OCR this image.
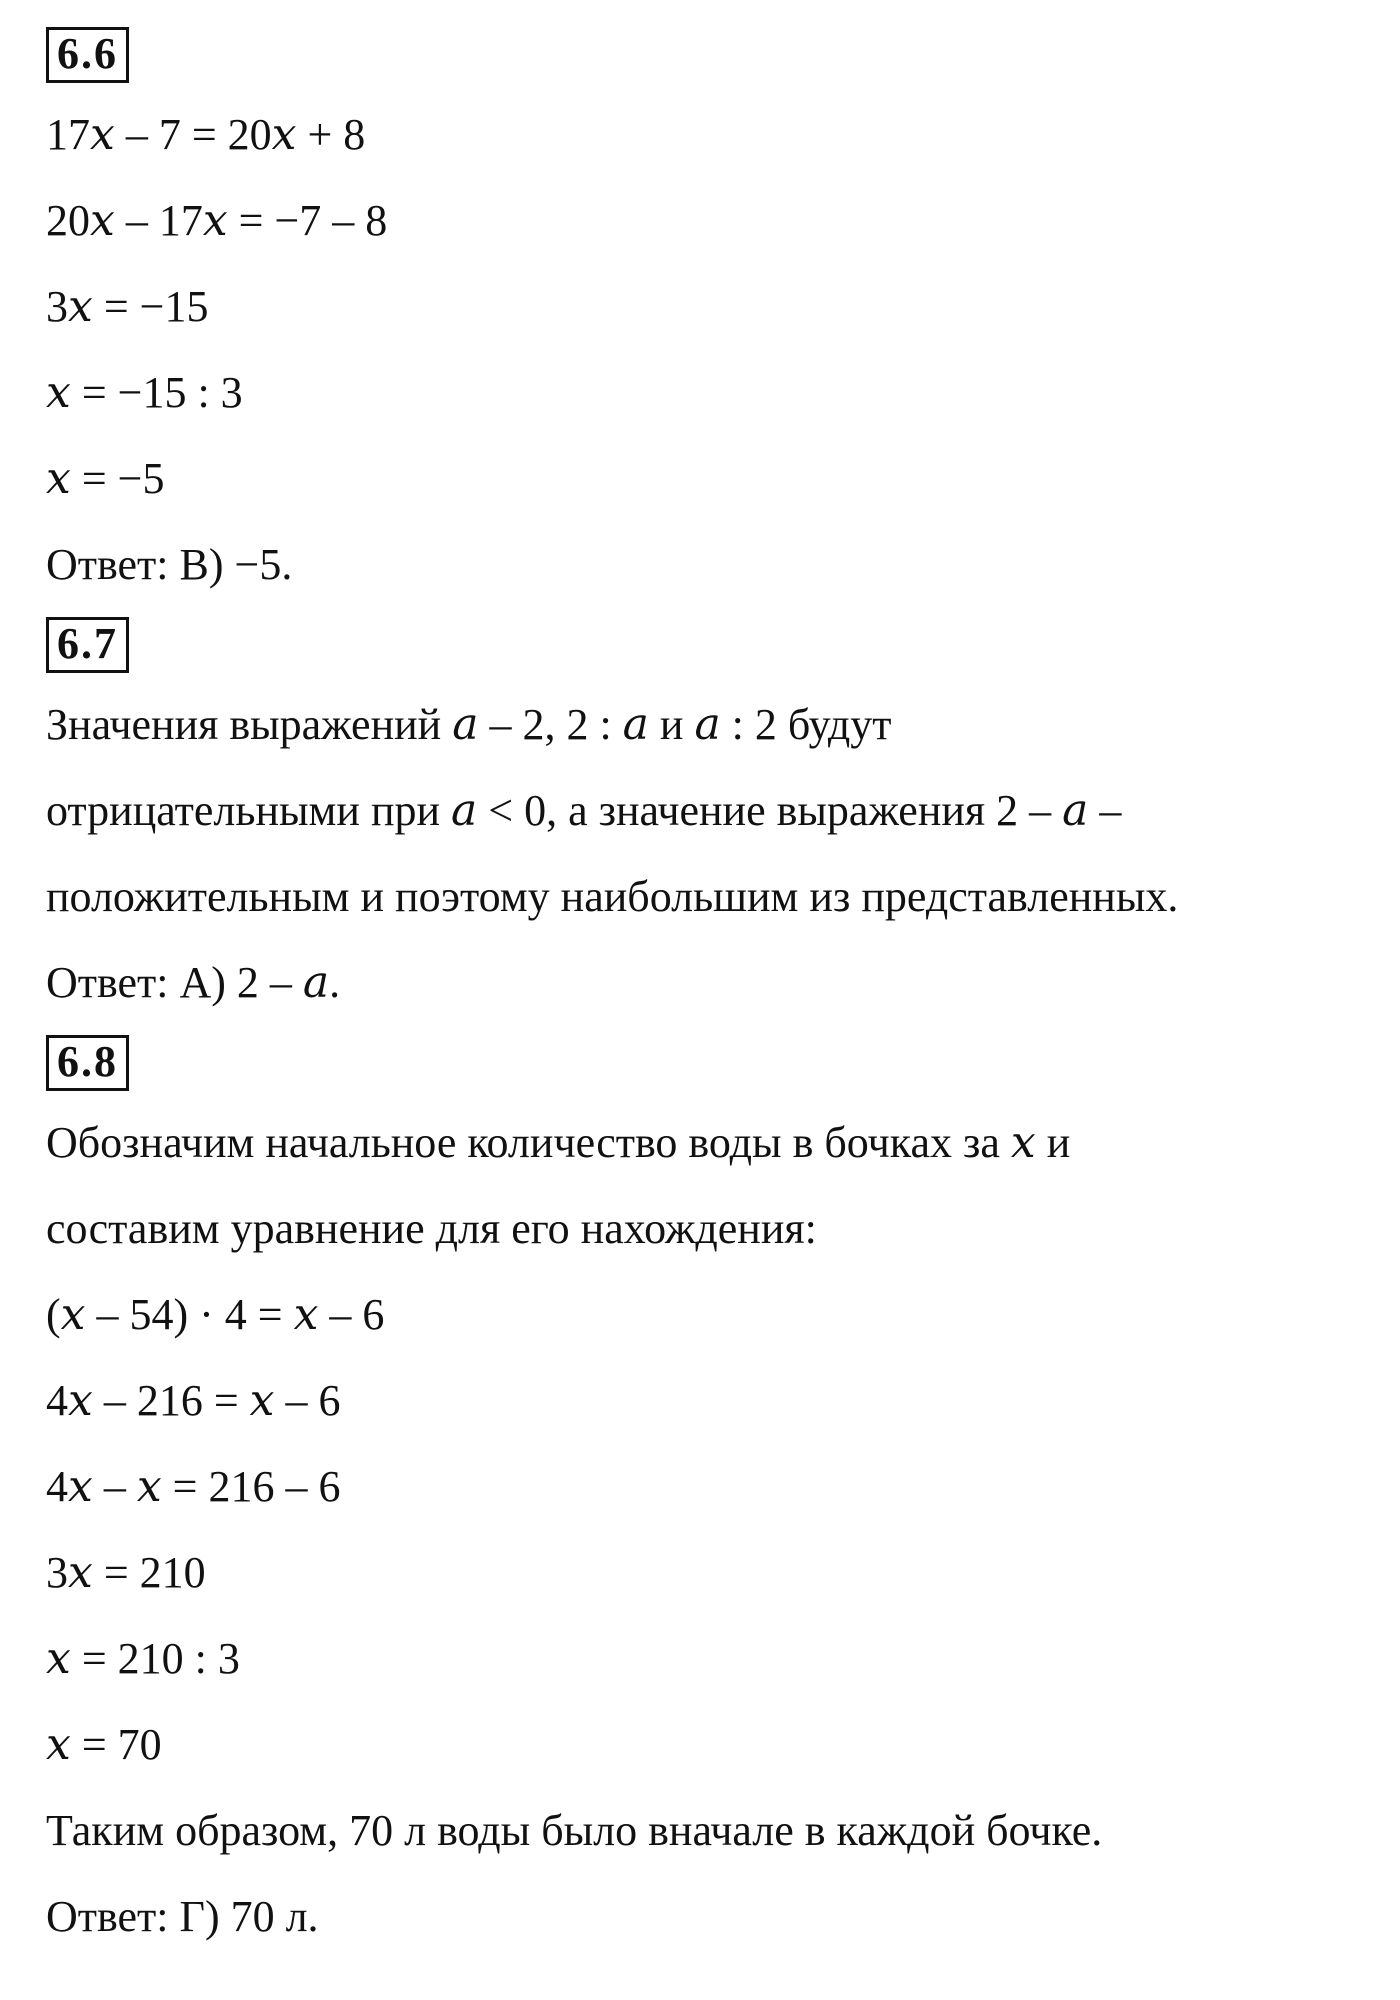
6.6
17𝑥 – 7 = 20𝑥 + 8
20𝑥 – 17𝑥 = −7 – 8
3𝑥 = −15
𝑥 = −15 : 3
𝑥 = −5
Ответ: В) −5.
6.7
Значения выражений 𝑎 – 2, 2 : 𝑎 и 𝑎 : 2 будут
отрицательными при 𝑎 < 0, а значение выражения 2 – 𝑎 –
положительным и поэтому наибольшим из представленных.
Ответ: А) 2 – 𝑎.
6.8
Обозначим начальное количество воды в бочках за 𝑥 и
составим уравнение для его нахождения:
(𝑥 – 54) · 4 = 𝑥 – 6
4𝑥 – 216 = 𝑥 – 6
4𝑥 – 𝑥 = 216 – 6
3𝑥 = 210
𝑥 = 210 : 3
𝑥 = 70
Таким образом, 70 л воды было вначале в каждой бочке.
Ответ: Г) 70 л.
